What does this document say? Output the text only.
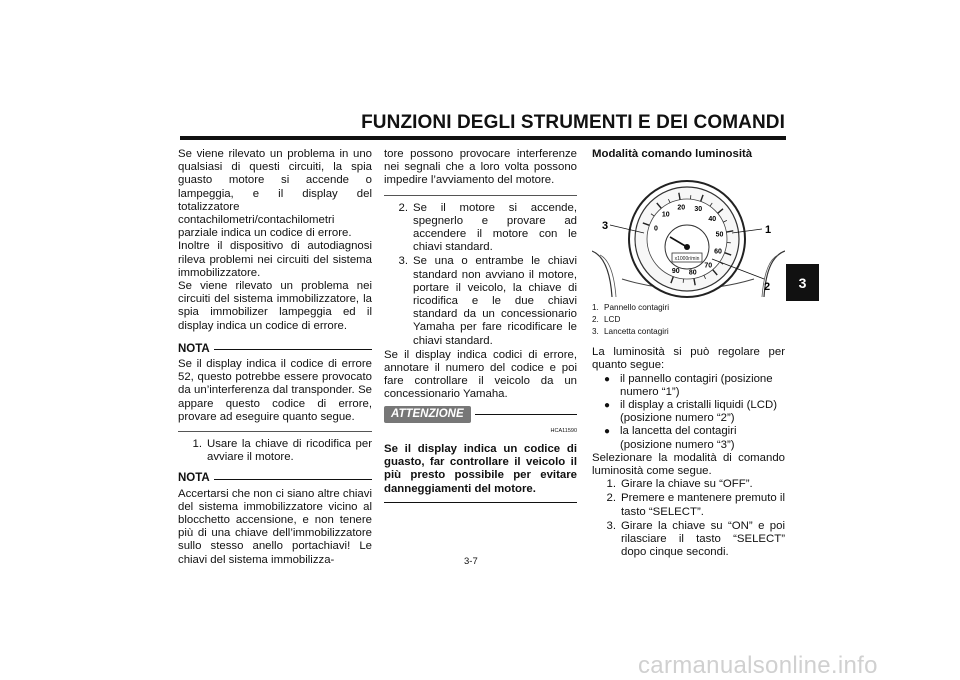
FUNZIONI DEGLI STRUMENTI E DEI COMANDI
3

Se viene rilevato un problema in uno qualsiasi di questi circuiti, la spia guasto motore si accende o lampeggia, e il display del totalizzatore contachilometri/contachilometri parziale indica un codice di errore.

Inoltre il dispositivo di autodiagnosi rileva problemi nei circuiti del sistema immobilizzatore.

Se viene rilevato un problema nei circuiti del sistema immobilizzatore, la spia immobilizer lampeggia ed il display indica un codice di errore.

NOTA

Se il display indica il codice di errore 52, questo potrebbe essere provocato da un’interferenza dal transponder. Se appare questo codice di errore, provare ad eseguire quanto segue.

1. Usare la chiave di ricodifica per avviare il motore.
NOTA

Accertarsi che non ci siano altre chiavi del sistema immobilizzatore vicino al blocchetto accensione, e non tenere più di una chiave dell’immobilizzatore sullo stesso anello portachiavi! Le chiavi del sistema immobilizza-

tore possono provocare interferenze nei segnali che a loro volta possono impedire l’avviamento del motore.

2. Se il motore si accende, spegnerlo e provare ad accendere il motore con le chiavi standard.
3. Se una o entrambe le chiavi standard non avviano il motore, portare il veicolo, la chiave di ricodifica e le due chiavi standard da un concessionario Yamaha per fare ricodificare le chiavi standard.

Se il display indica codici di errore, annotare il numero del codice e poi fare controllare il veicolo da un concessionario Yamaha.

ATTENZIONE
HCA11590

Se il display indica un codice di guasto, far controllare il veicolo il più presto possibile per evitare danneggiamenti del motore.

Modalità comando luminosità

x1000r/min
0
10
20 30
40
50
60
70
80
90
3	1
2
1. Pannello contagiri
2. LCD
3. Lancetta contagiri

La luminosità si può regolare per quanto segue:

● il pannello contagiri (posizione numero “1”)
● il display a cristalli liquidi (LCD) (posizione numero “2”)
● la lancetta del contagiri (posizione numero “3”)

Selezionare la modalità di comando luminosità come segue.

1. Girare la chiave su “OFF”.
2. Premere e mantenere premuto il tasto “SELECT”.
3. Girare la chiave su “ON” e poi rilasciare il tasto “SELECT” dopo cinque secondi.
3-7
carmanualsonline.info
